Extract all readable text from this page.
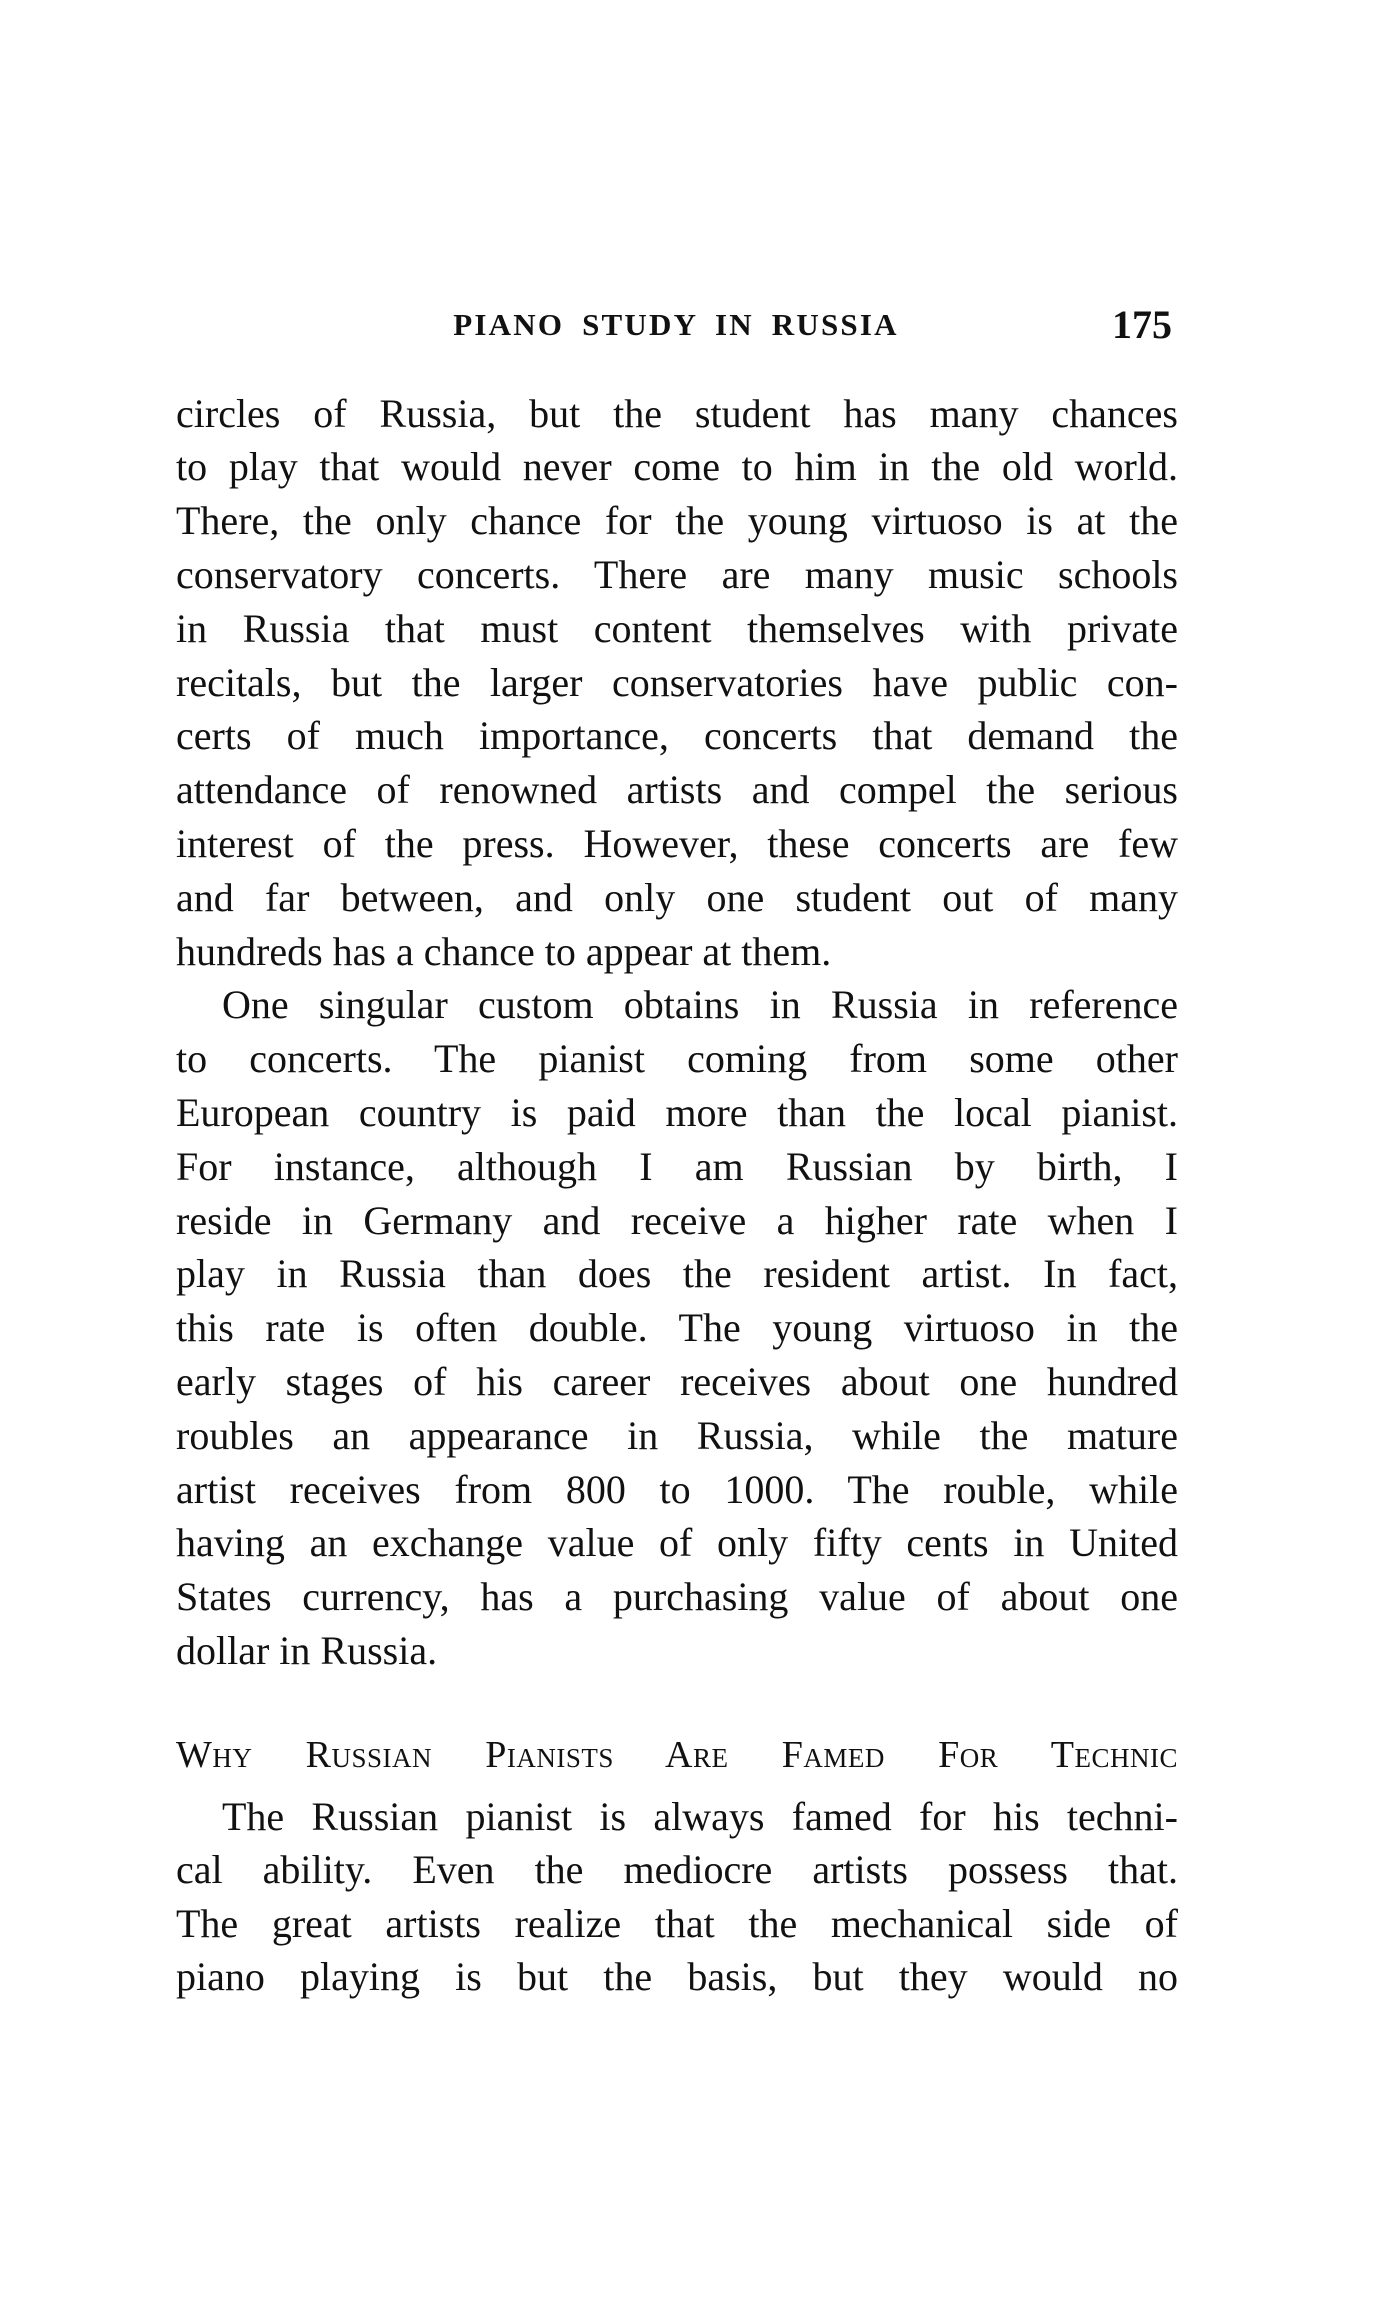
PIANO STUDY IN RUSSIA	175
circles of Russia, but the student has many chances
to play that would never come to him in the old world.
There, the only chance for the young virtuoso is at the
conservatory concerts. There are many music schools
in Russia that must content themselves with private
recitals, but the larger conservatories have public con-
certs of much importance, concerts that demand the
attendance of renowned artists and compel the serious
interest of the press. However, these concerts are few
and far between, and only one student out of many
hundreds has a chance to appear at them.
One singular custom obtains in Russia in reference
to concerts. The pianist coming from some other
European country is paid more than the local pianist.
For instance, although I am Russian by birth, I
reside in Germany and receive a higher rate when I
play in Russia than does the resident artist. In fact,
this rate is often double. The young virtuoso in the
early stages of his career receives about one hundred
roubles an appearance in Russia, while the mature
artist receives from 800 to 1000. The rouble, while
having an exchange value of only fifty cents in United
States currency, has a purchasing value of about one
dollar in Russia.
Why Russian Pianists Are Famed For Technic
The Russian pianist is always famed for his techni-
cal ability. Even the mediocre artists possess that.
The great artists realize that the mechanical side of
piano playing is but the basis, but they would no
